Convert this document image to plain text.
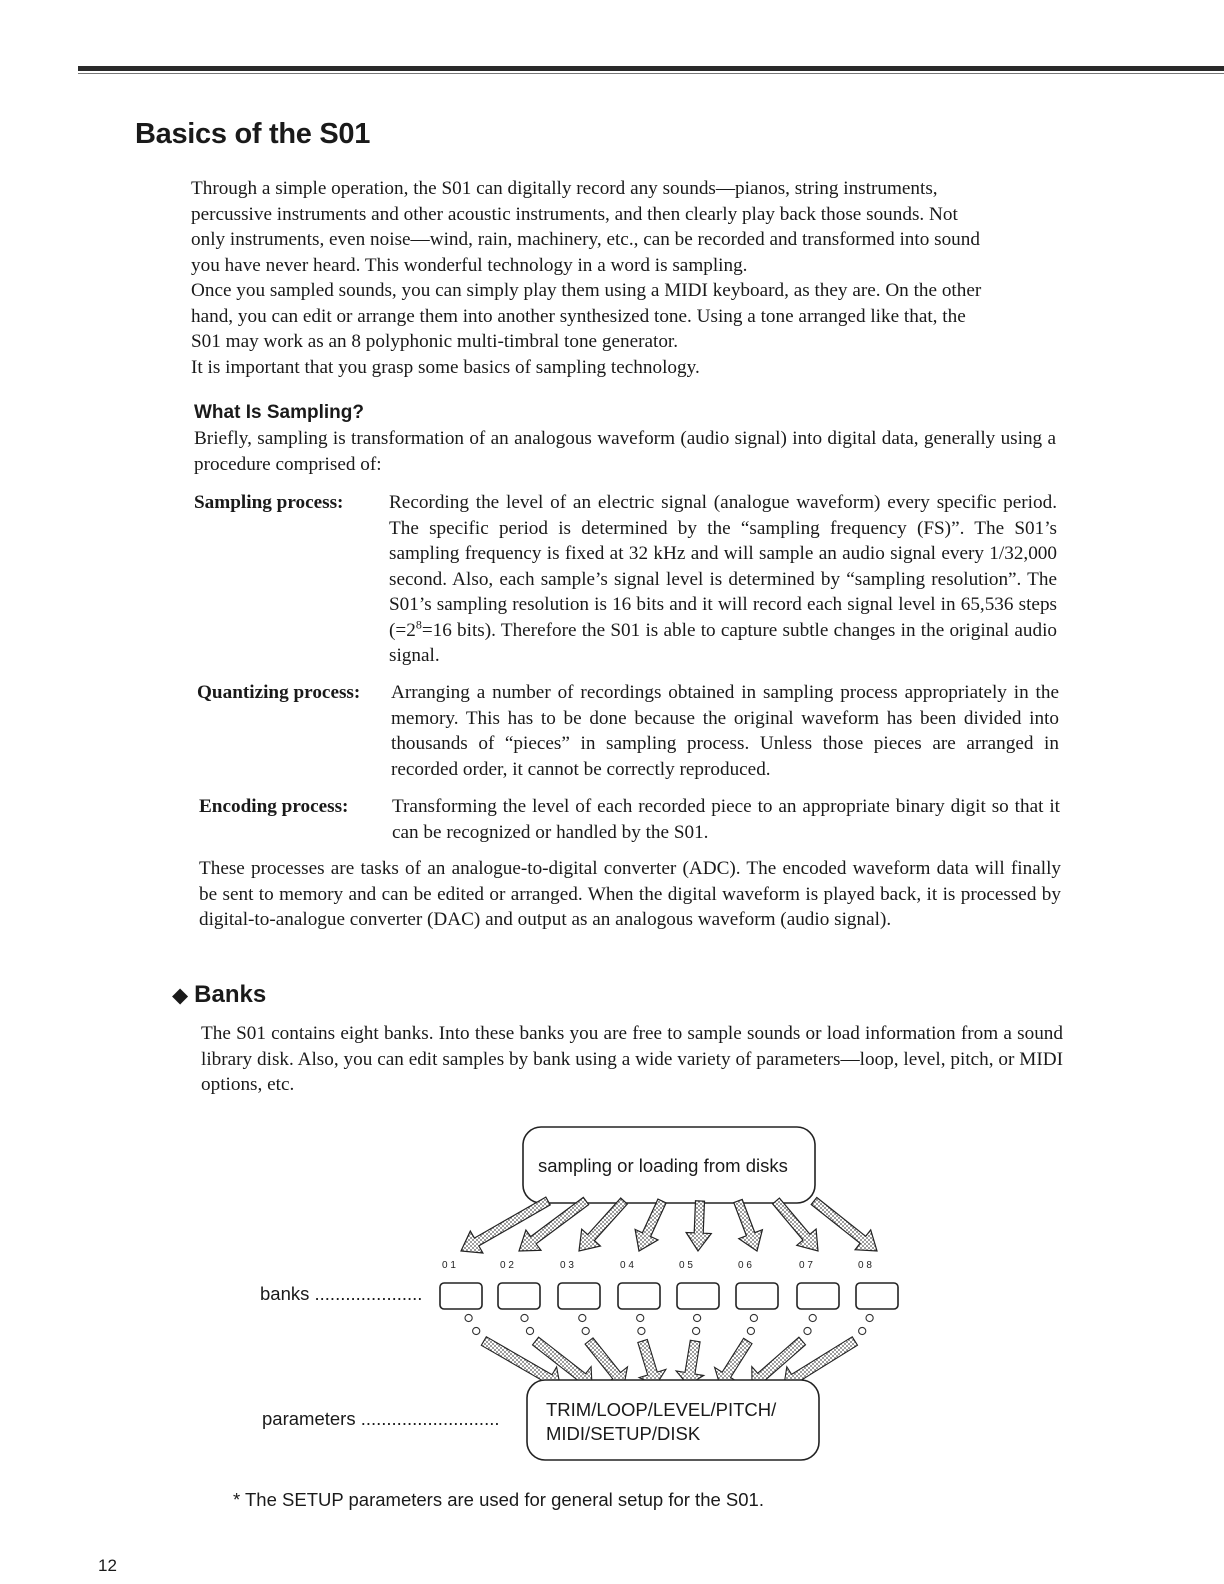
Basics of the S01

Through a simple operation, the S01 can digitally record any sounds—pianos, string instruments,
percussive instruments and other acoustic instruments, and then clearly play back those sounds. Not
only instruments, even noise—wind, rain, machinery, etc., can be recorded and transformed into sound
you have never heard. This wonderful technology in a word is sampling.
Once you sampled sounds, you can simply play them using a MIDI keyboard, as they are. On the other
hand, you can edit or arrange them into another synthesized tone. Using a tone arranged like that, the
S01 may work as an 8 polyphonic multi-timbral tone generator.
It is important that you grasp some basics of sampling technology.

What Is Sampling?

Briefly, sampling is transformation of an analogous waveform (audio signal) into digital data, generally using a procedure comprised of:

Sampling process: Recording the level of an electric signal (analogue waveform) every specific period. The specific period is determined by the “sampling frequency (FS)”. The S01’s sampling frequency is fixed at 32 kHz and will sample an audio signal every 1/32,000 second. Also, each sample’s signal level is determined by “sampling resolution”. The S01’s sampling resolution is 16 bits and it will record each signal level in 65,536 steps ($=2^8=16$ bits). Therefore the S01 is able to capture subtle changes in the original audio signal.

Quantizing process: Arranging a number of recordings obtained in sampling process appropriately in the memory. This has to be done because the original waveform has been divided into thousands of “pieces” in sampling process. Unless those pieces are arranged in recorded order, it cannot be correctly reproduced.

Encoding process: Transforming the level of each recorded piece to an appropriate binary digit so that it can be recognized or handled by the S01.

These processes are tasks of an analogue-to-digital converter (ADC). The encoded waveform data will finally be sent to memory and can be edited or arranged. When the digital waveform is played back, it is processed by digital-to-analogue converter (DAC) and output as an analogous waveform (audio signal).

◆ Banks

The S01 contains eight banks. Into these banks you are free to sample sounds or load information from a sound library disk. Also, you can edit samples by bank using a wide variety of parameters—loop, level, pitch, or MIDI options, etc.

0 1	0 2	0 3	0 4	0 5	0 6	0 7	0 8
sampling or loading from disks
banks .....................
parameters ...........................	TRIM/LOOP/LEVEL/PITCH/
MIDI/SETUP/DISK

* The SETUP parameters are used for general setup for the S01.

12
